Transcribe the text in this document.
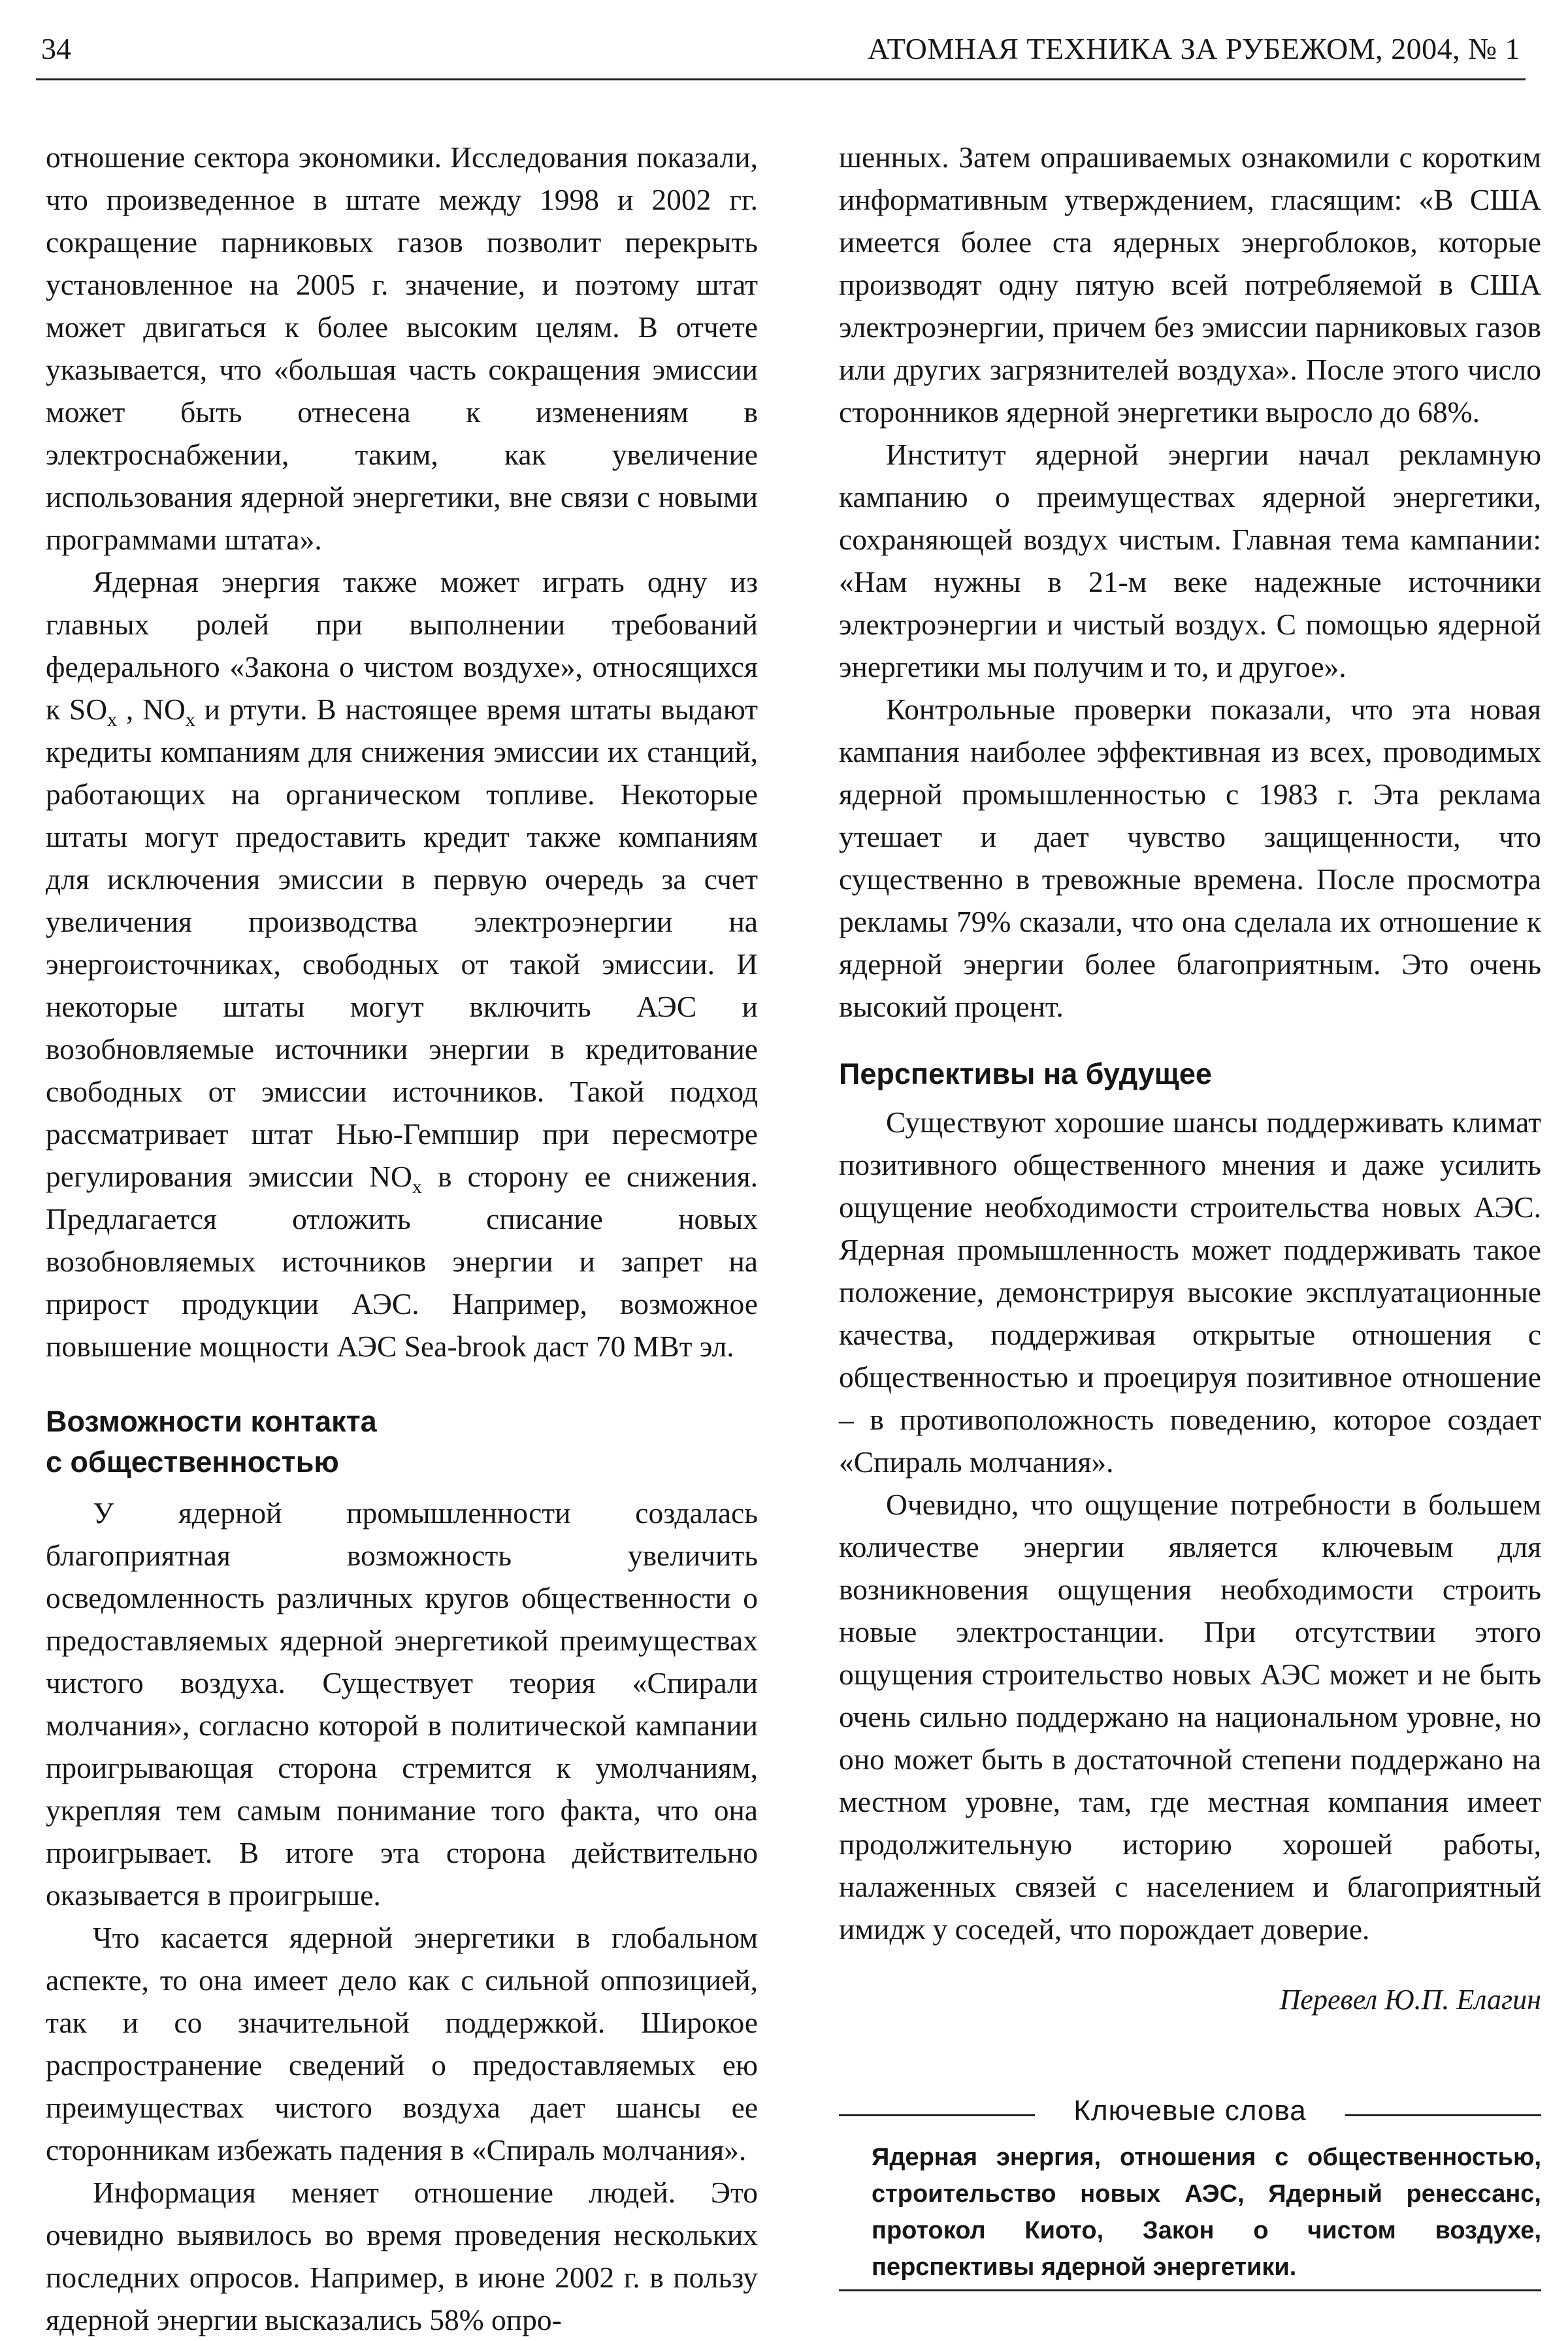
34	АТОМНАЯ ТЕХНИКА ЗА РУБЕЖОМ, 2004, № 1

отношение сектора экономики. Исследования показали, что произведенное в штате между 1998 и 2002 гг. сокращение парниковых газов позволит перекрыть установленное на 2005 г. значение, и поэтому штат может двигаться к более высоким целям. В отчете указывается, что «большая часть сокращения эмиссии может быть отнесена к изменениям в электроснабжении, таким, как увеличение использования ядерной энергетики, вне связи с новыми программами штата».

Ядерная энергия также может играть одну из главных ролей при выполнении требований федерального «Закона о чистом воздухе», относящихся к $SO_x$ , $NO_x$ и ртути. В настоящее время штаты выдают кредиты компаниям для снижения эмиссии их станций, работающих на органическом топливе. Некоторые штаты могут предоставить кредит также компаниям для исключения эмиссии в первую очередь за счет увеличения производства электроэнергии на энергоисточниках, свободных от такой эмиссии. И некоторые штаты могут включить АЭС и возобновляемые источники энергии в кредитование свободных от эмиссии источников. Такой подход рассматривает штат Нью-Гемпшир при пересмотре регулирования эмиссии $NO_x$ в сторону ее снижения. Предлагается отложить списание новых возобновляемых источников энергии и запрет на прирост продукции АЭС. Например, возможное повышение мощности АЭС Sea-brook даст 70 МВт эл.

Возможности контакта
с общественностью

У ядерной промышленности создалась благоприятная возможность увеличить осведомленность различных кругов общественности о предоставляемых ядерной энергетикой преимуществах чистого воздуха. Существует теория «Спирали молчания», согласно которой в политической кампании проигрывающая сторона стремится к умолчаниям, укрепляя тем самым понимание того факта, что она проигрывает. В итоге эта сторона действительно оказывается в проигрыше.

Что касается ядерной энергетики в глобальном аспекте, то она имеет дело как с сильной оппозицией, так и со значительной поддержкой. Широкое распространение сведений о предоставляемых ею преимуществах чистого воздуха дает шансы ее сторонникам избежать падения в «Спираль молчания».

Информация меняет отношение людей. Это очевидно выявилось во время проведения нескольких последних опросов. Например, в июне 2002 г. в пользу ядерной энергии высказались 58% опро-

шенных. Затем опрашиваемых ознакомили с коротким информативным утверждением, гласящим: «В США имеется более ста ядерных энергоблоков, которые производят одну пятую всей потребляемой в США электроэнергии, причем без эмиссии парниковых газов или других загрязнителей воздуха». После этого число сторонников ядерной энергетики выросло до 68%.

Институт ядерной энергии начал рекламную кампанию о преимуществах ядерной энергетики, сохраняющей воздух чистым. Главная тема кампании: «Нам нужны в 21-м веке надежные источники электроэнергии и чистый воздух. С помощью ядерной энергетики мы получим и то, и другое».

Контрольные проверки показали, что эта новая кампания наиболее эффективная из всех, проводимых ядерной промышленностью с 1983 г. Эта реклама утешает и дает чувство защищенности, что существенно в тревожные времена. После просмотра рекламы 79% сказали, что она сделала их отношение к ядерной энергии более благоприятным. Это очень высокий процент.

Перспективы на будущее

Существуют хорошие шансы поддерживать климат позитивного общественного мнения и даже усилить ощущение необходимости строительства новых АЭС. Ядерная промышленность может поддерживать такое положение, демонстрируя высокие эксплуатационные качества, поддерживая открытые отношения с общественностью и проецируя позитивное отношение – в противоположность поведению, которое создает «Спираль молчания».

Очевидно, что ощущение потребности в большем количестве энергии является ключевым для возникновения ощущения необходимости строить новые электростанции. При отсутствии этого ощущения строительство новых АЭС может и не быть очень сильно поддержано на национальном уровне, но оно может быть в достаточной степени поддержано на местном уровне, там, где местная компания имеет продолжительную историю хорошей работы, налаженных связей с населением и благоприятный имидж у соседей, что порождает доверие.

Перевел Ю.П. Елагин
Ключевые слова
Ядерная энергия, отношения с общественностью, строительство новых АЭС, Ядерный ренессанс, протокол Киото, Закон о чистом воздухе, перспективы ядерной энергетики.
